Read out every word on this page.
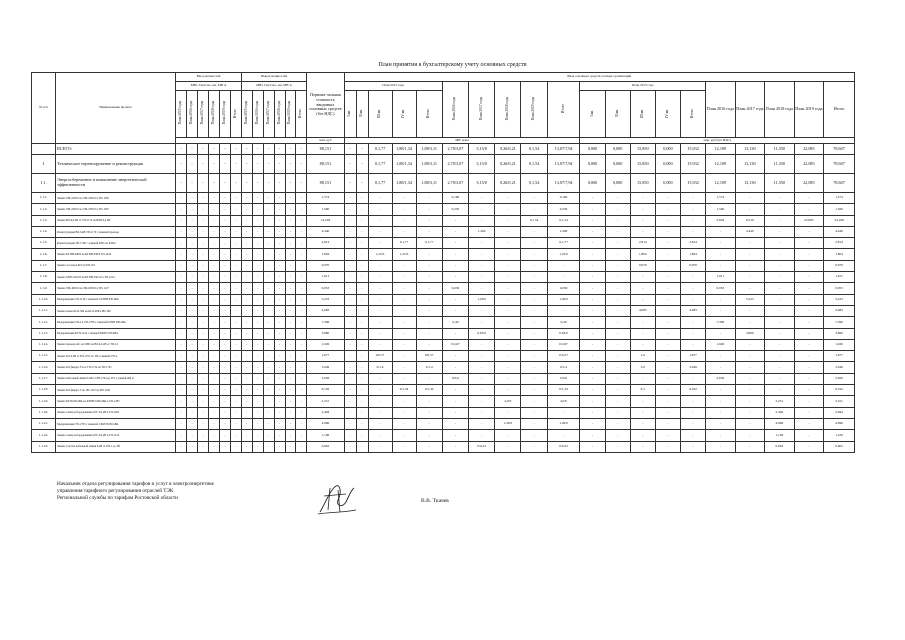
План принятия к бухгалтерскому учету основных средств
№ п/п	Наименование проекта	Ввод мощностей						Вывод мощностей						Первона-чальная стоимость вводимых основных средств (без НДС)	Ввод основных средств сетевых организаций																			
		МВт, Гкал/час, км, МВ·А						МВт, Гкал/час, км, МВ·А							План 2015 года					План 2016 года	План 2017 года	План 2018 года	План 2019 года	Итого	План 2015 года					План 2016 года	План 2017 года	План 2018 года	План 2019 года	Итого
		План 2015 года	План 2016 года	План 2017 года	План 2018 года	План 2019 года	Итого	План 2015 года	План 2016 года	План 2017 года	План 2018 года	План 2019 года	Итого		I кв.	II кв.	III кв.	IV кв.	Итого						I кв.	II кв.	III кв.	IV кв.	Итого					
														млн. руб	МВ·А/км										млн. руб (без НДС)									
	ВСЕГО:	-	-	-	-	-	-	-	-	-	-	-	-	88,151	-	-	0,1,77	1,88/1,34	1,88/3,11	2,70/3,07	3,15/0	0,26/0,21	0,1,54	13,07/7,94	0,000	0,000	15,850	0,000	15,932	12,109	13,130	11,350	22,085	78,607
I	Техническое перевооружение и реконструкция	-	-	-	-	-	-	-	-	-	-	-	-	88,151	-	-	0,1,77	1,88/1,34	1,88/3,11	2,70/3,07	3,15/0	0,26/0,21	0,1,54	13,07/7,94	0,000	0,000	15,850	0,000	15,932	12,109	13,130	11,350	22,085	78,607
1.1.	Энергосбережение и повышение энергетической эффективности	-	-	-	-	-	-	-	-	-	-	-	-	88,151	-	-	0,1,77	1,88/1,34	1,88/3,11	2,70/3,07	3,15/0	0,26/0,21	0,1,54	13,07/7,94	0,000	0,000	15,850	0,000	15,932	12,109	13,130	11,350	22,085	78,607
1.1.1.	Замена ТМ-100/10 на ТМ-160/10 в ТП-1505	-	-	-	-	-	-	-	-	-	-	-	-	1,574	-	-	-	-	-	0,160	-	-	-	0,160	-	-	-	-	-	1,574	-	-	-	1,574
1.1.2.	Замена ТМ-160/10 на ТМ-250/10 в ТП-1507	-	-	-	-	-	-	-	-	-	-	-	-	1,560	-	-	-	-	-	0,250	-	-	-	0,250	-	-	-	-	-	1,560	-	-	-	1,560
1.1.3.	Замена ВЛ-0,4 кВ от ТП-1174 на ВЛИ 0,4 кВ	-	-	-	-	-	-	-	-	-	-	-	-	14,198	-	-	-	-	-	-	-	-	0,1,54	0,1,54	-	-	-	-	-	5,604	6,510	-	22,085	34,198
1.1.4.	Реконструкция ВЛ-6 кВ ТП-1170 с заменой провода	-	-	-	-	-	-	-	-	-	-	-	-	4,440	-	-	-	-	-	-	1,260	-	-	1,260	-	-	-	-	-	-	4,440	-	-	4,440
1.1.5.	Реконструкция ТП-1760 с заменой КТП на КТПн	-	-	-	-	-	-	-	-	-	-	-	-	2,814	-	-	-	0,1,77	0,1,77	-	-	-	-	0,1,77	-	-	2,814	-	2,814	-	-	-	-	2,814
1.1.6.	Замена КТПН-400/6 на КТПН-630/6 ТП-1434	-	-	-	-	-	-	-	-	-	-	-	-	1,804	-	-	1,25/0	1,25/0	-	-	-	-	-	1,25/0	-	-	1,804	-	1,804	-	-	-	-	1,804
1.1.7.	Замена 4-х ячеек КСО в РП-118	-	-	-	-	-	-	-	-	-	-	-	-	0,970	-	-	-	-	-	-	-	-	-	-	-	-	0,970	-	0,970	-	-	-	-	0,970
1.1.8.	Замена МТП-160/10 на КТПН-250/10 в ТП-1224	-	-	-	-	-	-	-	-	-	-	-	-	1,611	-	-	-	-	-	-	-	-	-	-	-	-	-	-	-	1,611	-	-	-	1,611
1.1.9.	Замена ТМ-400/10 на ТМ-630/10 в ТП-1127	-	-	-	-	-	-	-	-	-	-	-	-	0,953	-	-	-	-	-	0,630	-	-	-	0,630	-	-	-	-	-	0,953	-	-	-	0,953
1.1.10.	Модернизация ТП-1126 с заменой 2 КТПН 630 кВА	-	-	-	-	-	-	-	-	-	-	-	-	5,223	-	-	-	-	-	-	1,26/0	-	-	1,26/0	-	-	-	-	-	-	5,223	-	-	5,223
1.1.11.	Замена ячеек КСО-366 на КСО-298 в РП-109	-	-	-	-	-	-	-	-	-	-	-	-	4,083	-	-	-	-	-	-	-	-	-	-	-	-	4,083	-	4,083	-	-	-	-	4,083
1.1.12.	Модернизация ТП-2 и ТП-1798 с заменой КТПН 400 кВА	-	-	-	-	-	-	-	-	-	-	-	-	7,396	-	-	-	-	-	0,40	-	-	-	0,40	-	-	-	-	-	7,396	-	-	-	7,396
1.1.13.	Модернизация КТП-1124 с заменой БКТП 630 кВА	-	-	-	-	-	-	-	-	-	-	-	-	3,860	-	-	-	-	-	-	0,63/0	-	-	0,63/0	-	-	-	-	-	-	3,860	-	-	3,860
1.1.14.	Замена провода АС на СИП на ВЛ-0,4 кВ от ТП-14	-	-	-	-	-	-	-	-	-	-	-	-	1,926	-	-	-	-	-	0/2,67	-	-	-	0/2,67	-	-	-	-	-	1,926	-	-	-	1,926
1.1.15.	Замена КЛ-6 кВ от РП-1791 по ТП-2 линией 570 м	-	-	-	-	-	-	-	-	-	-	-	-	1,677	-	-	0/0,57	-	0/0,57	-	-	-	-	0/0,57	-	-	1,6	-	1,677	-	-	-	-	1,677
1.1.16.	Замена КЛ фидера 33 по ТП-1734 на ТП-1791	-	-	-	-	-	-	-	-	-	-	-	-	3,049	-	-	0/1,4	-	0/1,4	-	-	-	-	0/1,4	-	-	3,0	-	3,049	-	-	-	-	3,049
1.1.17.	Замена кабельной линии 6 кВ от РП-1794 до ТП-1 длиной 460 м	-	-	-	-	-	-	-	-	-	-	-	-	2,656	-	-	-	-	-	0/0,6	-	-	-	0/0,6	-	-	-	-	-	2,656	-	-	-	2,656
1.1.18.	Замена КЛ фидера 3 по ТП-1247 на РП-1230	-	-	-	-	-	-	-	-	-	-	-	-	6,192	-	-	-	0/1,34	0/1,34	-	-	-	-	0/1,34	-	-	6,1	-	6,192	-	-	-	-	6,192
1.1.19.	Замена КТП-630 кВА на КТПН 1600 кВА в ТП-1283	-	-	-	-	-	-	-	-	-	-	-	-	2,251	-	-	-	-	-	-	-	4,0/0	-	4,0/0	-	-	-	-	-	-	-	2,251	-	2,251
1.1.20.	Замена электрооборудования в РУ-0,4 кВ в ТП-1281	-	-	-	-	-	-	-	-	-	-	-	-	2,494	-	-	-	-	-	-	-	-	-	-	-	-	-	-	-	-	-	2,494	-	2,494
1.1.21.	Модернизация ТП-1793 с заменой 2 БКТП 630 кВА	-	-	-	-	-	-	-	-	-	-	-	-	4,996	-	-	-	-	-	-	-	1,26/0	-	1,26/0	-	-	-	-	-	-	-	4,996	-	4,996
1.1.22.	Замена электрооборудования в РУ-0,4 кВ в ТП-1212	-	-	-	-	-	-	-	-	-	-	-	-	1,106	-	-	-	-	-	-	-	-	-	-	-	-	-	-	-	-	-	1,106	-	1,106
1.1.23.	Замена участка кабельной линии 6 кВ от РП-1 до ТП	-	-	-	-	-	-	-	-	-	-	-	-	0,602	-	-	-	-	-	-	0/0,22	-	-	0/0,22	-	-	-	-	-	-	-	0,602	-	0,602
Начальник отдела регулирования тарифов и услуг в электроэнергетике
управления тарифного регулирования отраслей ТЭК
Региональной службы по тарифам Ростовской области
В.В. Ткачев
